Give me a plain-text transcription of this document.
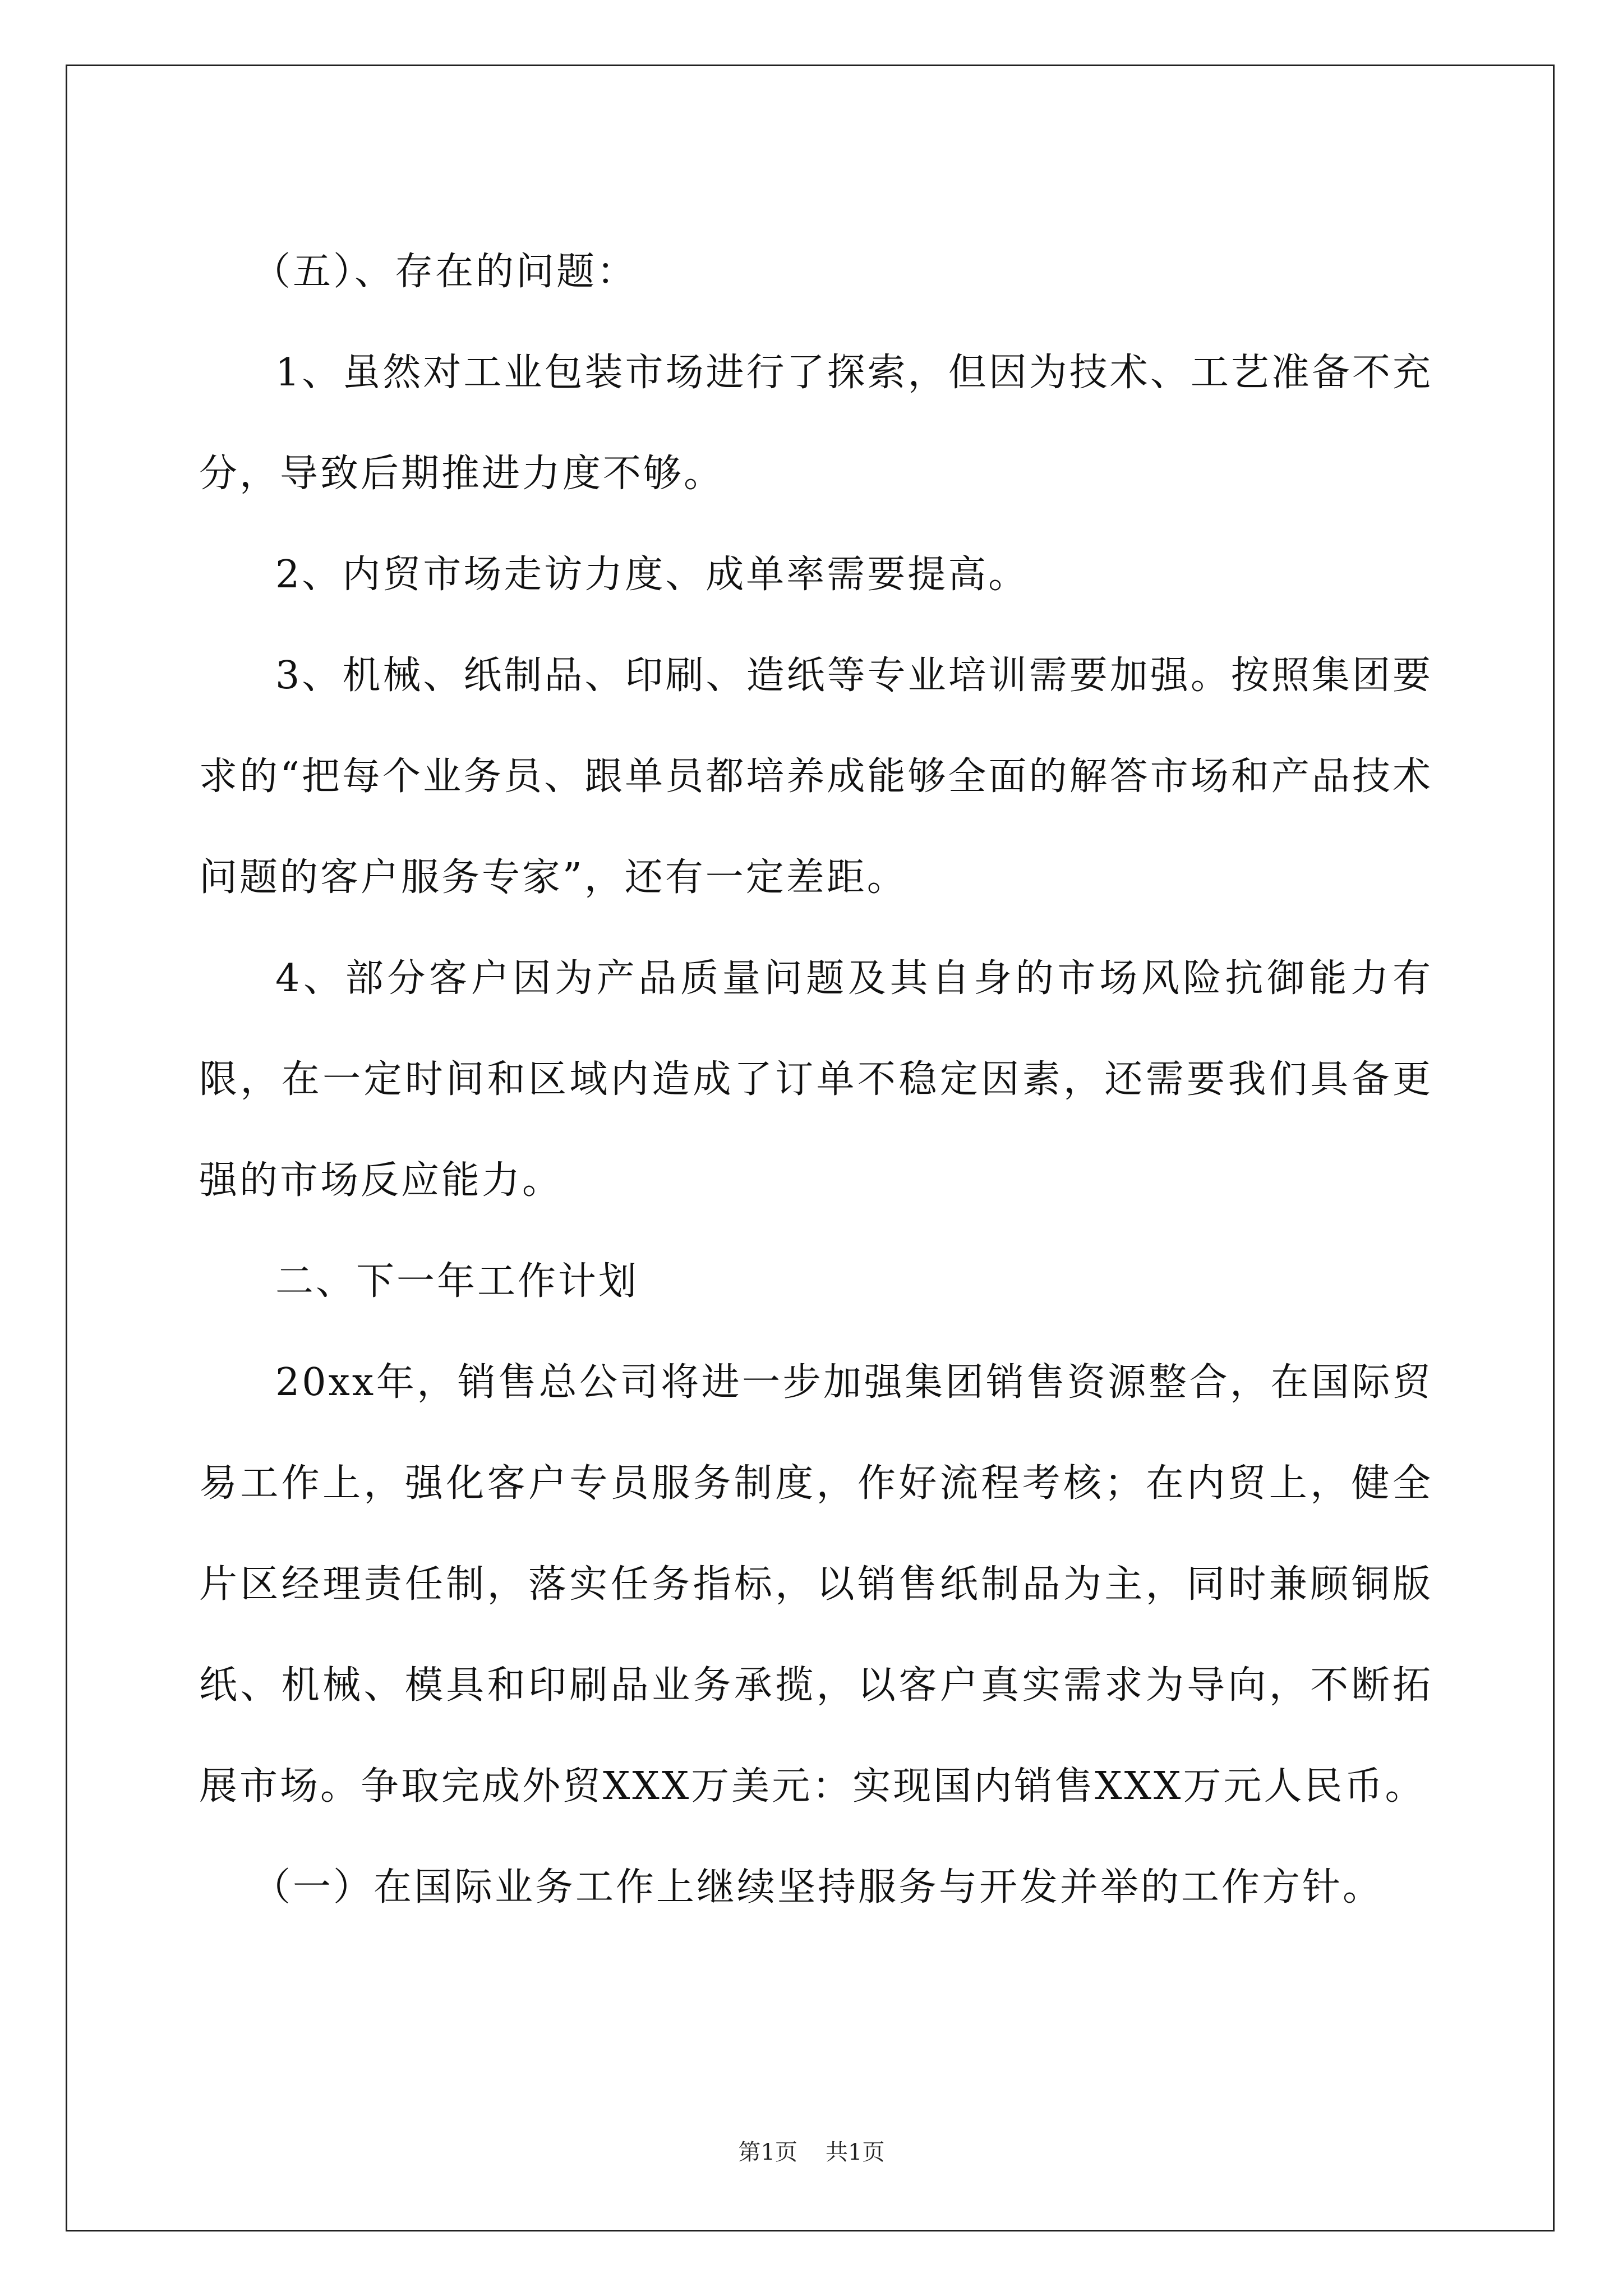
（五）、存在的问题：

1、虽然对工业包装市场进行了探索，但因为技术、工艺准备不充分，导致后期推进力度不够。

2、内贸市场走访力度、成单率需要提高。

3、机械、纸制品、印刷、造纸等专业培训需要加强。按照集团要求的“把每个业务员、跟单员都培养成能够全面的解答市场和产品技术问题的客户服务专家”，还有一定差距。

4、部分客户因为产品质量问题及其自身的市场风险抗御能力有限，在一定时间和区域内造成了订单不稳定因素，还需要我们具备更强的市场反应能力。

二、下一年工作计划

20xx年，销售总公司将进一步加强集团销售资源整合，在国际贸易工作上，强化客户专员服务制度，作好流程考核；在内贸上，健全片区经理责任制，落实任务指标，以销售纸制品为主，同时兼顾铜版纸、机械、模具和印刷品业务承揽，以客户真实需求为导向，不断拓展市场。争取完成外贸XXX万美元：实现国内销售XXX万元人民币。

（一）在国际业务工作上继续坚持服务与开发并举的工作方针。

第1页 共1页
